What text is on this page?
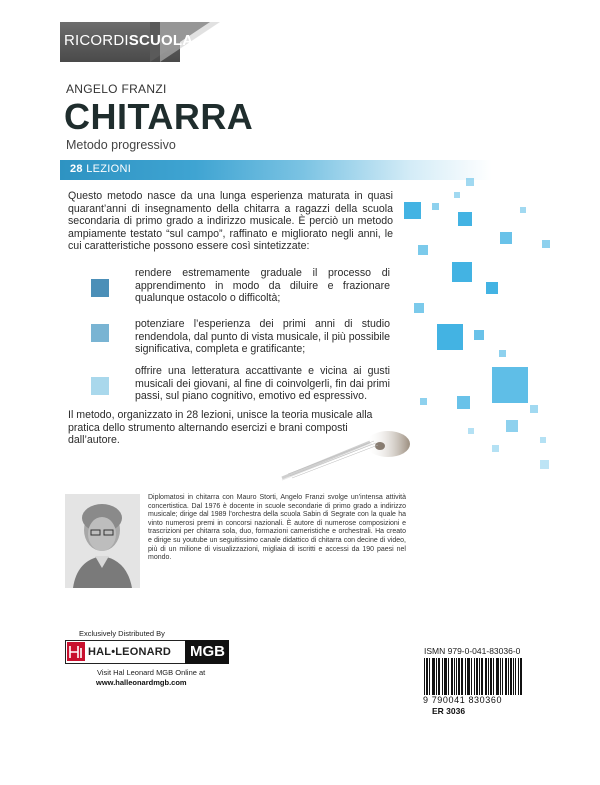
RICORDISCUOLA
ANGELO FRANZI
CHITARRA
Metodo progressivo
28 LEZIONI
Questo metodo nasce da una lunga esperienza maturata in quasi quarant’anni di insegnamento della chitarra a ragazzi della scuola secondaria di primo grado a indirizzo musicale. È perciò un metodo ampiamente testato “sul campo”, raffinato e migliorato negli anni, le cui caratteristiche possono essere così sintetizzate:
rendere estremamente graduale il processo di apprendimento in modo da diluire e frazionare qualunque ostacolo o difficoltà;
potenziare l’esperienza dei primi anni di studio rendendola, dal punto di vista musicale, il più possibile significativa, completa e gratificante;
offrire una letteratura accattivante e vicina ai gusti musicali dei giovani, al fine di coinvolgerli, fin dai primi passi, sul piano cognitivo, emotivo ed espressivo.
Il metodo, organizzato in 28 lezioni, unisce la teoria musicale alla pratica dello strumento alternando esercizi e brani composti dall’autore.
Diplomatosi in chitarra con Mauro Storti, Angelo Franzi svolge un’intensa attività concertistica. Dal 1976 è docente in scuole secondarie di primo grado a indirizzo musicale; dirige dal 1989 l’orchestra della scuola Sabin di Segrate con la quale ha vinto numerosi premi in concorsi nazionali. È autore di numerose composizioni e trascrizioni per chitarra sola, duo, formazioni cameristiche e orchestrali. Ha creato e dirige su youtube un seguitissimo canale didattico di chitarra con decine di video, più di un milione di visualizzazioni, migliaia di iscritti e accessi da 190 paesi nel mondo.
Exclusively Distributed By
HAL•LEONARD MGB
Visit Hal Leonard MGB Online at
www.halleonardmgb.com
ISMN 979-0-041-83036-0
9 790041 830360
ER 3036
